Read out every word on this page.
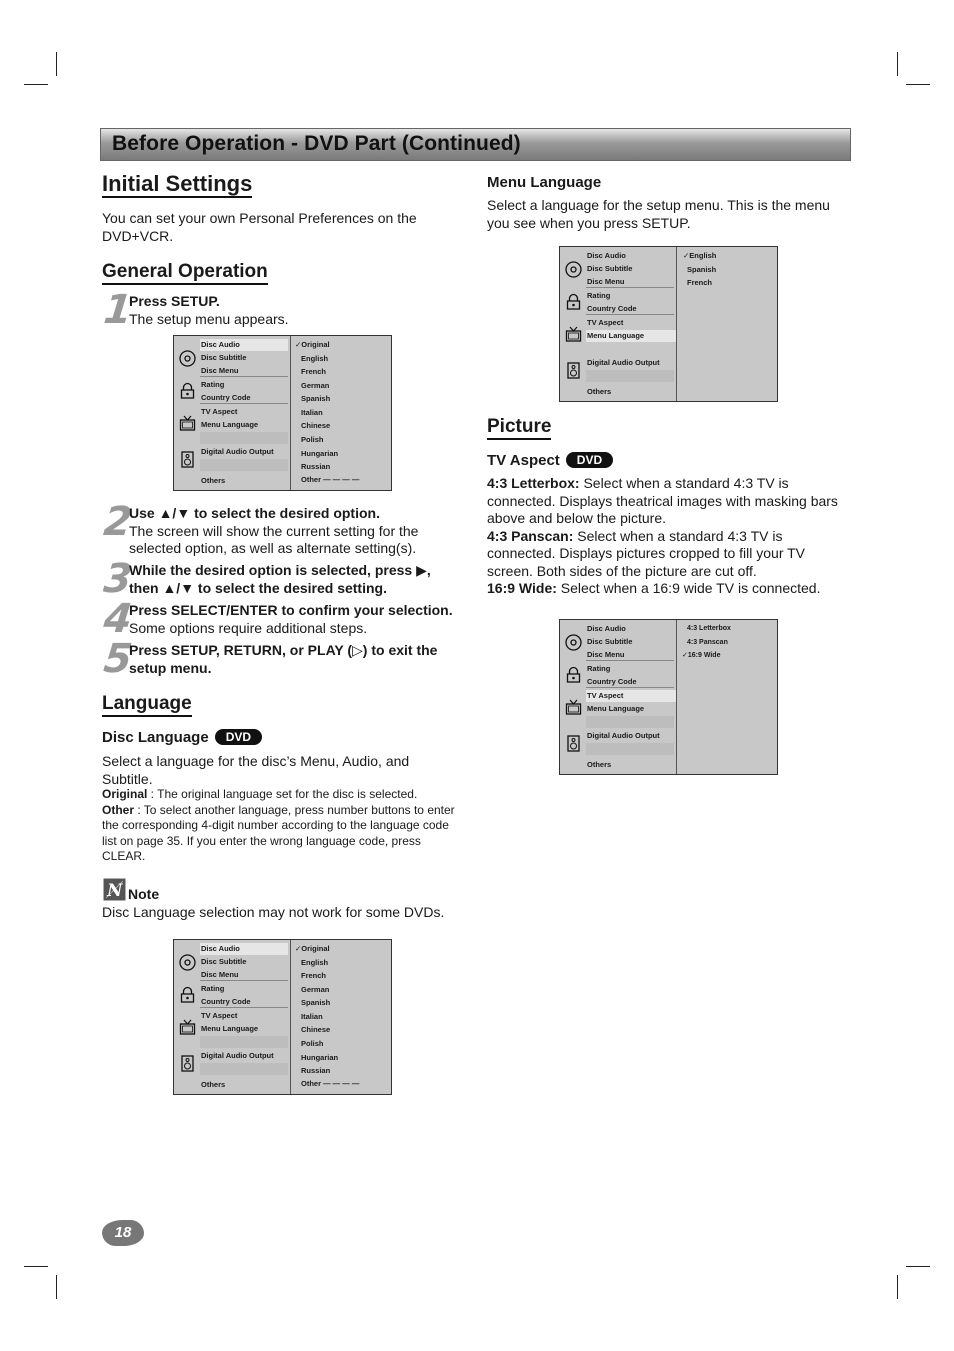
Before Operation - DVD Part (Continued)
Initial Settings
You can set your own Personal Preferences on the DVD+VCR.
General Operation
1
Press SETUP.
The setup menu appears.
Disc Audio
Disc Subtitle
Disc Menu
Rating
Country Code
TV Aspect
Menu Language
Digital Audio Output
Others
✓Original
English
French
German
Spanish
Italian
Chinese
Polish
Hungarian
Russian
Other — — — —
2
Use ▲/▼ to select the desired option.
The screen will show the current setting for the selected option, as well as alternate setting(s).
3
While the desired option is selected, press ▶, then ▲/▼ to select the desired setting.
4
Press SELECT/ENTER to confirm your selection.
Some options require additional steps.
5
Press SETUP, RETURN, or PLAY (▷) to exit the setup menu.
Language
Disc Language DVD
Select a language for the disc’s Menu, Audio, and Subtitle.
Original : The original language set for the disc is selected.
Other : To select another language, press number buttons to enter the corresponding 4-digit number according to the language code list on page 35. If you enter the wrong language code, press CLEAR.
N Note
Disc Language selection may not work for some DVDs.
Disc Audio
Disc Subtitle
Disc Menu
Rating
Country Code
TV Aspect
Menu Language
Digital Audio Output
Others
✓Original
English
French
German
Spanish
Italian
Chinese
Polish
Hungarian
Russian
Other — — — —
Menu Language
Select a language for the setup menu. This is the menu you see when you press SETUP.
Disc Audio
Disc Subtitle
Disc Menu
Rating
Country Code
TV Aspect
Menu Language
Digital Audio Output
Others
✓English
Spanish
French
Picture
TV Aspect DVD
4:3 Letterbox: Select when a standard 4:3 TV is connected. Displays theatrical images with masking bars above and below the picture.
4:3 Panscan: Select when a standard 4:3 TV is connected. Displays pictures cropped to fill your TV screen. Both sides of the picture are cut off.
16:9 Wide: Select when a 16:9 wide TV is connected.
Disc Audio
Disc Subtitle
Disc Menu
Rating
Country Code
TV Aspect
Menu Language
Digital Audio Output
Others
4:3 Letterbox
4:3 Panscan
✓16:9 Wide
18
